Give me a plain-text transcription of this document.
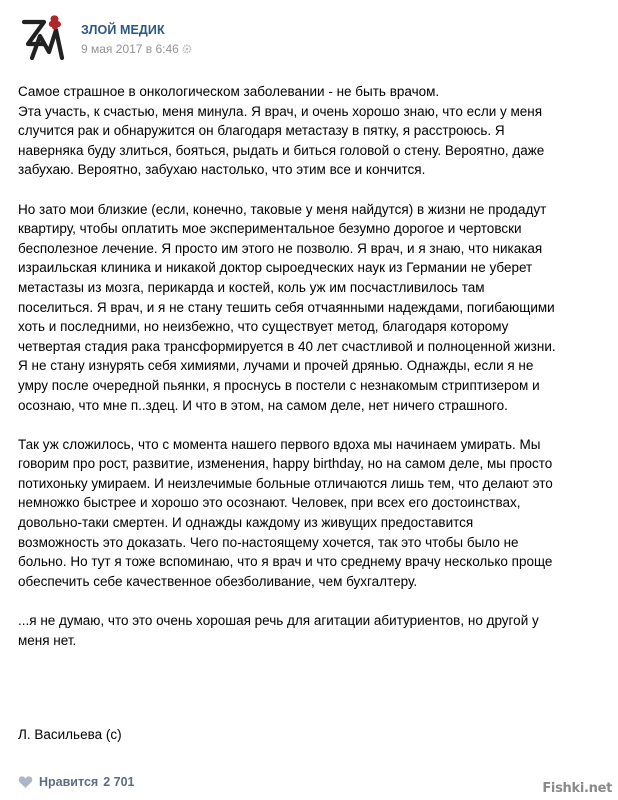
ЗЛОЙ МЕДИК
9 мая 2017 в 6:46
Самое страшное в онкологическом заболевании - не быть врачом.
Эта участь, к счастью, меня минула. Я врач, и очень хорошо знаю, что если у меня
случится рак и обнаружится он благодаря метастазу в пятку, я расстроюсь. Я
наверняка буду злиться, бояться, рыдать и биться головой о стену. Вероятно, даже
забухаю. Вероятно, забухаю настолько, что этим все и кончится.
Но зато мои близкие (если, конечно, таковые у меня найдутся) в жизни не продадут
квартиру, чтобы оплатить мое экспериментальное безумно дорогое и чертовски
бесполезное лечение. Я просто им этого не позволю. Я врач, и я знаю, что никакая
израильская клиника и никакой доктор сыроедческих наук из Германии не уберет
метастазы из мозга, перикарда и костей, коль уж им посчастливилось там
поселиться. Я врач, и я не стану тешить себя отчаянными надеждами, погибающими
хоть и последними, но неизбежно, что существует метод, благодаря которому
четвертая стадия рака трансформируется в 40 лет счастливой и полноценной жизни.
Я не стану изнурять себя химиями, лучами и прочей дрянью. Однажды, если я не
умру после очередной пьянки, я проснусь в постели с незнакомым стриптизером и
осознаю, что мне п..здец. И что в этом, на самом деле, нет ничего страшного.
Так уж сложилось, что с момента нашего первого вдоха мы начинаем умирать. Мы
говорим про рост, развитие, изменения, happy birthday, но на самом деле, мы просто
потихоньку умираем. И неизлечимые больные отличаются лишь тем, что делают это
немножко быстрее и хорошо это осознают. Человек, при всех его достоинствах,
довольно-таки смертен. И однажды каждому из живущих предоставится
возможность это доказать. Чего по-настоящему хочется, так это чтобы было не
больно. Но тут я тоже вспоминаю, что я врач и что среднему врачу несколько проще
обеспечить себе качественное обезболивание, чем бухгалтеру.
...я не думаю, что это очень хорошая речь для агитации абитуриентов, но другой у
меня нет.
Л. Васильева (с)
Нравится 2 701	Fishki.net
